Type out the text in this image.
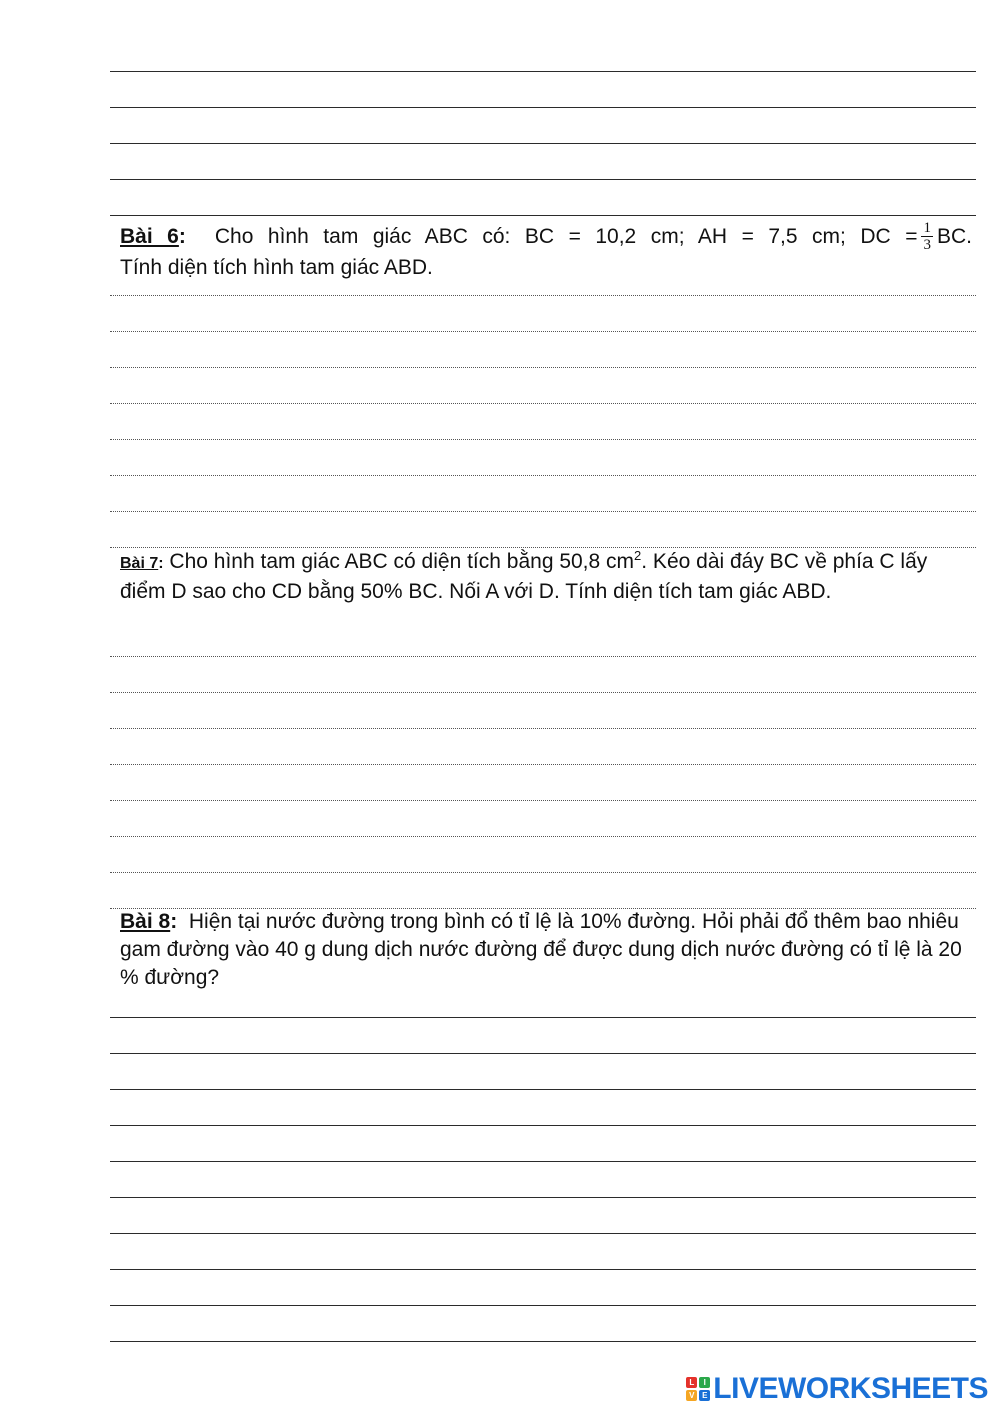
Bài 6: Cho hình tam giác ABC có: BC = 10,2 cm; AH = 7,5 cm; DC = $\frac{1}{3}$ BC.
Tính diện tích hình tam giác ABD.
Bài 7: Cho hình tam giác ABC có diện tích bằng 50,8 $cm^2$. Kéo dài đáy BC về phía C lấy điểm D sao cho CD bằng 50% BC. Nối A với D. Tính diện tích tam giác ABD.
Bài 8: Hiện tại nước đường trong bình có tỉ lệ là 10% đường. Hỏi phải đổ thêm bao nhiêu gam đường vào 40 g dung dịch nước đường để được dung dịch nước đường có tỉ lệ là 20 % đường?
L	I
V E LIVEWORKSHEETS
